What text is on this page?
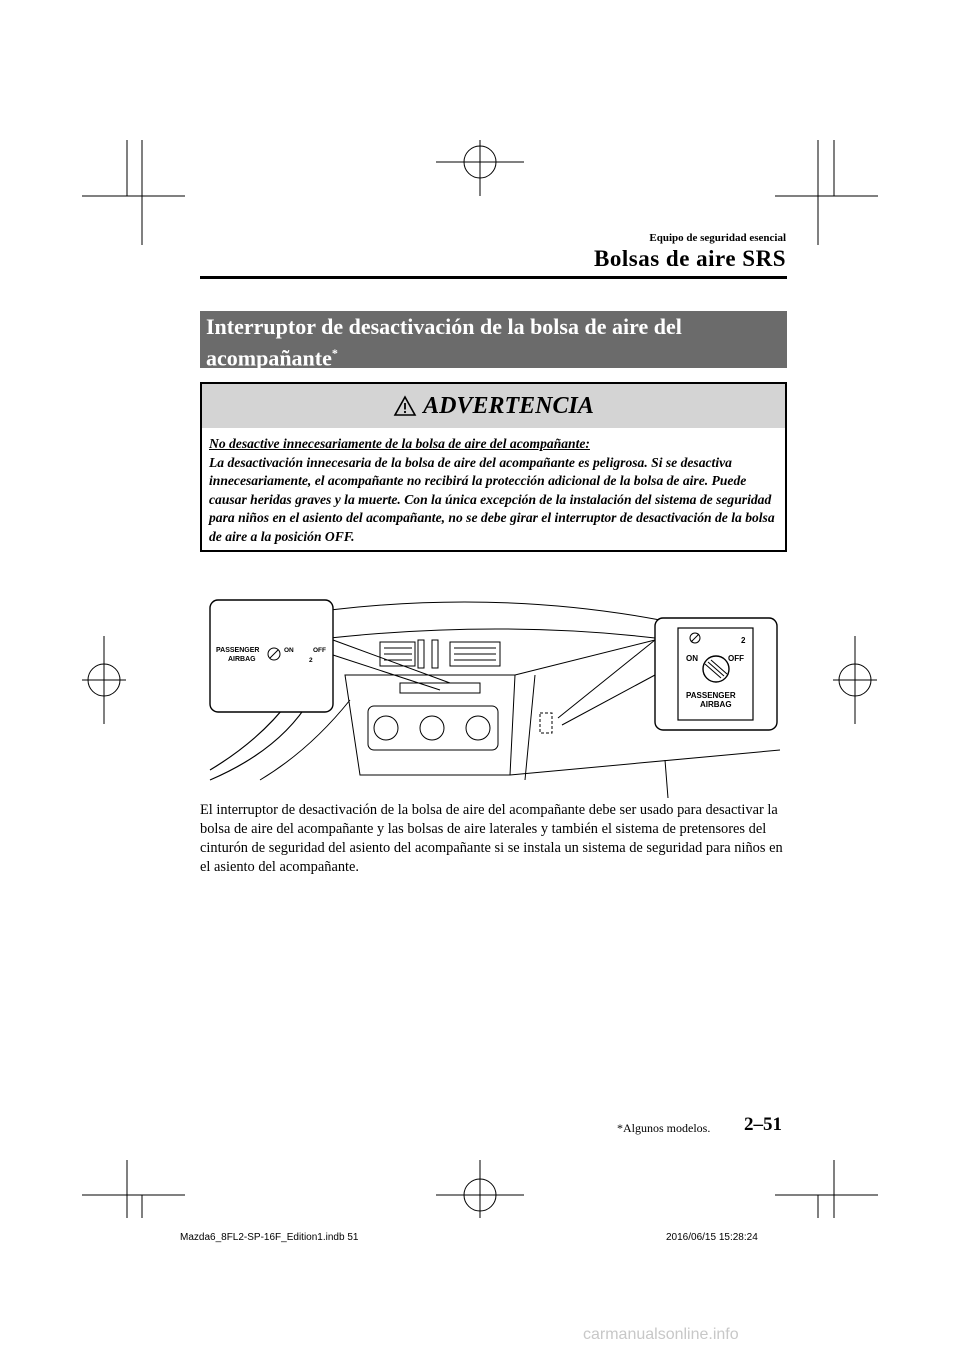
Equipo de seguridad esencial
Bolsas de aire SRS
Interruptor de desactivación de la bolsa de aire del acompañante*
ADVERTENCIA
No desactive innecesariamente de la bolsa de aire del acompañante:
La desactivación innecesaria de la bolsa de aire del acompañante es peligrosa. Si se desactiva innecesariamente, el acompañante no recibirá la protección adicional de la bolsa de aire. Puede causar heridas graves y la muerte. Con la única excepción de la instalación del sistema de seguridad para niños en el asiento del acompañante, no se debe girar el interruptor de desactivación de la bolsa de aire a la posición OFF.
PASSENGER
AIRBAG
ON	OFF
2
2
ON	OFF
PASSENGER
AIRBAG
El interruptor de desactivación de la bolsa de aire del acompañante debe ser usado para desactivar la bolsa de aire del acompañante y las bolsas de aire laterales y también el sistema de pretensores del cinturón de seguridad del asiento del acompañante si se instala un sistema de seguridad para niños en el asiento del acompañante.
*Algunos modelos. 2–51
Mazda6_8FL2-SP-16F_Edition1.indb 51	2016/06/15 15:28:24
carmanualsonline.info
